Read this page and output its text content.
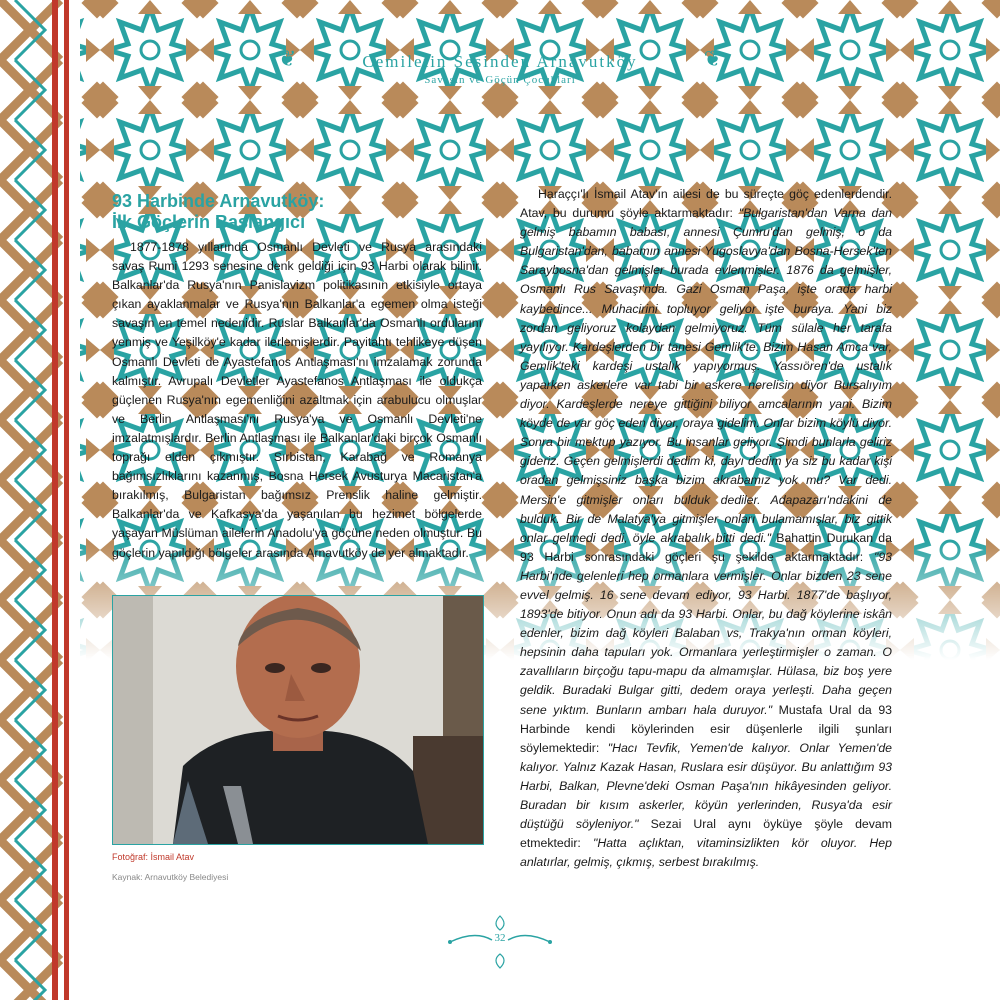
❦	Cemiletin Sesinden Arnavutköy
Savaşın ve Göçün Çocukları
❦
93 Harbinde Arnavutköy:
İlk Göçlerin Başlangıcı

1877-1878 yıllarında Osmanlı Devleti ve Rusya arasındaki savaş Rumi 1293 senesine denk geldiği için 93 Harbi olarak bilinir. Balkanlar'da Rusya'nın Panislavizm politikasının etkisiyle ortaya çıkan ayaklanmalar ve Rusya'nın Balkanlar'a egemen olma isteği savaşın en temel nedenidir. Ruslar Balkanlar'da Osmanlı ordularını yenmiş ve Yeşilköy'e kadar ilerlemişlerdir. Payitahtı tehlikeye düşen Osmanlı Devleti de Ayastefanos Antlaşması'nı imzalamak zorunda kalmıştır. Avrupalı Devletler Ayastefanos Antlaşması ile oldukça güçlenen Rusya'nın egemenliğini azaltmak için arabulucu olmuşlar ve Berlin Antlaşması'nı Rusya'ya ve Osmanlı Devleti'ne imzalatmışlardır. Berlin Antlaşması ile Balkanlar'daki birçok Osmanlı toprağı elden çıkmıştır. Sırbistan, Karabağ ve Romanya bağımsızlıklarını kazanmış, Bosna Hersek Avusturya Macaristan'a bırakılmış, Bulgaristan bağımsız Prenslik haline gelmiştir. Balkanlar'da ve Kafkasya'da yaşanılan bu hezimet bölgelerde yaşayan Müslüman ailelerin Anadolu'ya göçüne neden olmuştur. Bu göçlerin yapıldığı bölgeler arasında Arnavutköy de yer almaktadır.

Haraççı'lı İsmail Atav'ın ailesi de bu süreçte göç edenlerdendir. Atav, bu durumu şöyle aktarmaktadır: "Bulgaristan'dan Varna dan gelmiş babamın babası, annesi Çumru'dan gelmiş, o da Bulgaristan'dan, babamın annesi Yugoslavya'dan Bosna-Hersek'ten Saraybosna'dan gelmişler burada evlenmişler. 1876 da gelmişler, Osmanlı Rus Savaşı'nda. Gazi Osman Paşa, işte orada harbi kaybedince... Muhacirini topluyor geliyor işte buraya. Yani biz zordan geliyoruz kolaydan gelmiyoruz. Tüm sülale her tarafa yayılıyor. Kardeşlerden bir tanesi Gemlik'te. Bizim Hasan Amca var, Gemlik'teki kardeşi ustalık yapıyormuş. Yassıören'de ustalık yaparken askerlere var tabi bir askere nerelisin diyor Bursalıyım diyor. Kardeşlerde nereye gittiğini biliyor amcalarının yani. Bizim köyde de var göç eden diyor, oraya gidelim. Onlar bizim köylü diyor. Sonra bir mektup yazıyor. Bu insanlar geliyor. Şimdi bunlarla geliriz gideriz. Geçen gelmişlerdi dedim ki, dayı dedim ya siz bu kadar kişi oradan gelmişsiniz başka bizim akrabamız yok mu? Var dedi. Mersin'e gitmişler onları bulduk dediler. Adapazarı'ndakini de bulduk. Bir de Malatya'ya gitmişler onları bulamamışlar, biz gittik onlar gelmedi dedi, öyle akrabalık bitti dedi." Bahattin Durukan da 93 Harbi sonrasındaki göçleri şu şekilde aktarmaktadır: "93 Harbi'nde gelenleri hep ormanlara vermişler. Onlar bizden 23 sene evvel gelmiş. 16 sene devam ediyor, 93 Harbi. 1877'de başlıyor, 1893'de bitiyor. Onun adı da 93 Harbi. Onlar, bu dağ köylerine iskân edenler, bizim dağ köyleri Balaban vs, Trakya'nın orman köyleri, hepsinin daha tapuları yok. Ormanlara yerleştirmişler o zaman. O zavallıların birçoğu tapu-mapu da almamışlar. Hülasa, biz boş yere geldik. Buradaki Bulgar gitti, dedem oraya yerleşti. Daha geçen sene yıktım. Bunların ambarı hala duruyor." Mustafa Ural da 93 Harbinde kendi köylerinden esir düşenlerle ilgili şunları söylemektedir: "Hacı Tevfik, Yemen'de kalıyor. Onlar Yemen'de kalıyor. Yalnız Kazak Hasan, Ruslara esir düşüyor. Bu anlattığım 93 Harbi, Balkan, Plevne'deki Osman Paşa'nın hikâyesinden geliyor. Buradan bir kısım askerler, köyün yerlerinden, Rusya'da esir düştüğü söyleniyor." Sezai Ural aynı öyküye şöyle devam etmektedir: "Hatta açlıktan, vitaminsizlikten kör oluyor. Hep anlatırlar, gelmiş, çıkmış, serbest bırakılmış.

Fotoğraf: İsmail Atav
Kaynak: Arnavutköy Belediyesi
32
